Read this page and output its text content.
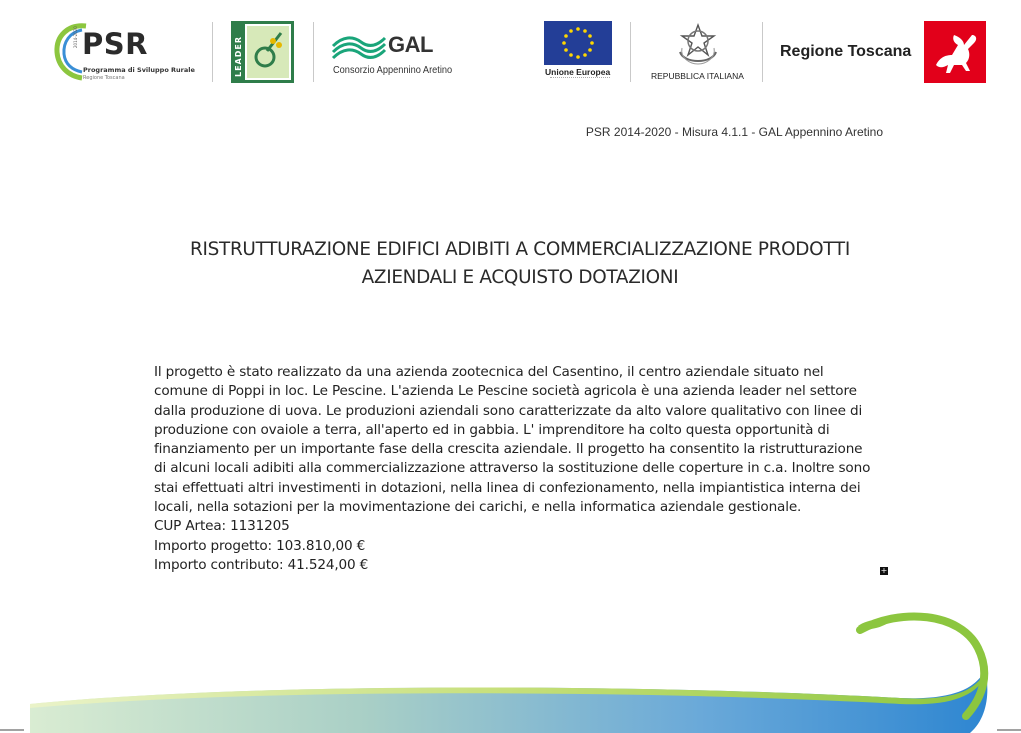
2014-2020 PSR
Programma di Sviluppo Rurale
Regione Toscana
LEADER	GAL
Consorzio Appennino Aretino	Unione Europea	REPUBBLICA ITALIANA
Regione Toscana
PSR 2014-2020 - Misura 4.1.1 - GAL Appennino Aretino
RISTRUTTURAZIONE EDIFICI ADIBITI A COMMERCIALIZZAZIONE PRODOTTI
AZIENDALI E ACQUISTO DOTAZIONI
Il progetto è stato realizzato da una azienda zootecnica del Casentino, il centro aziendale situato nel
comune di Poppi in loc. Le Pescine. L'azienda Le Pescine società agricola è una azienda leader nel settore
dalla produzione di uova. Le produzioni aziendali sono caratterizzate da alto valore qualitativo con linee di
produzione con ovaiole a terra, all'aperto ed in gabbia. L' imprenditore ha colto questa opportunità di
finanziamento per un importante fase della crescita aziendale. Il progetto ha consentito la ristrutturazione
di alcuni locali adibiti alla commercializzazione attraverso la sostituzione delle coperture in c.a. Inoltre sono
stai effettuati altri investimenti in dotazioni, nella linea di confezionamento, nella impiantistica interna dei
locali, nella sotazioni per la movimentazione dei carichi, e nella informatica aziendale gestionale.
CUP Artea: 1131205
Importo progetto: 103.810,00 €
Importo contributo: 41.524,00 €	+
